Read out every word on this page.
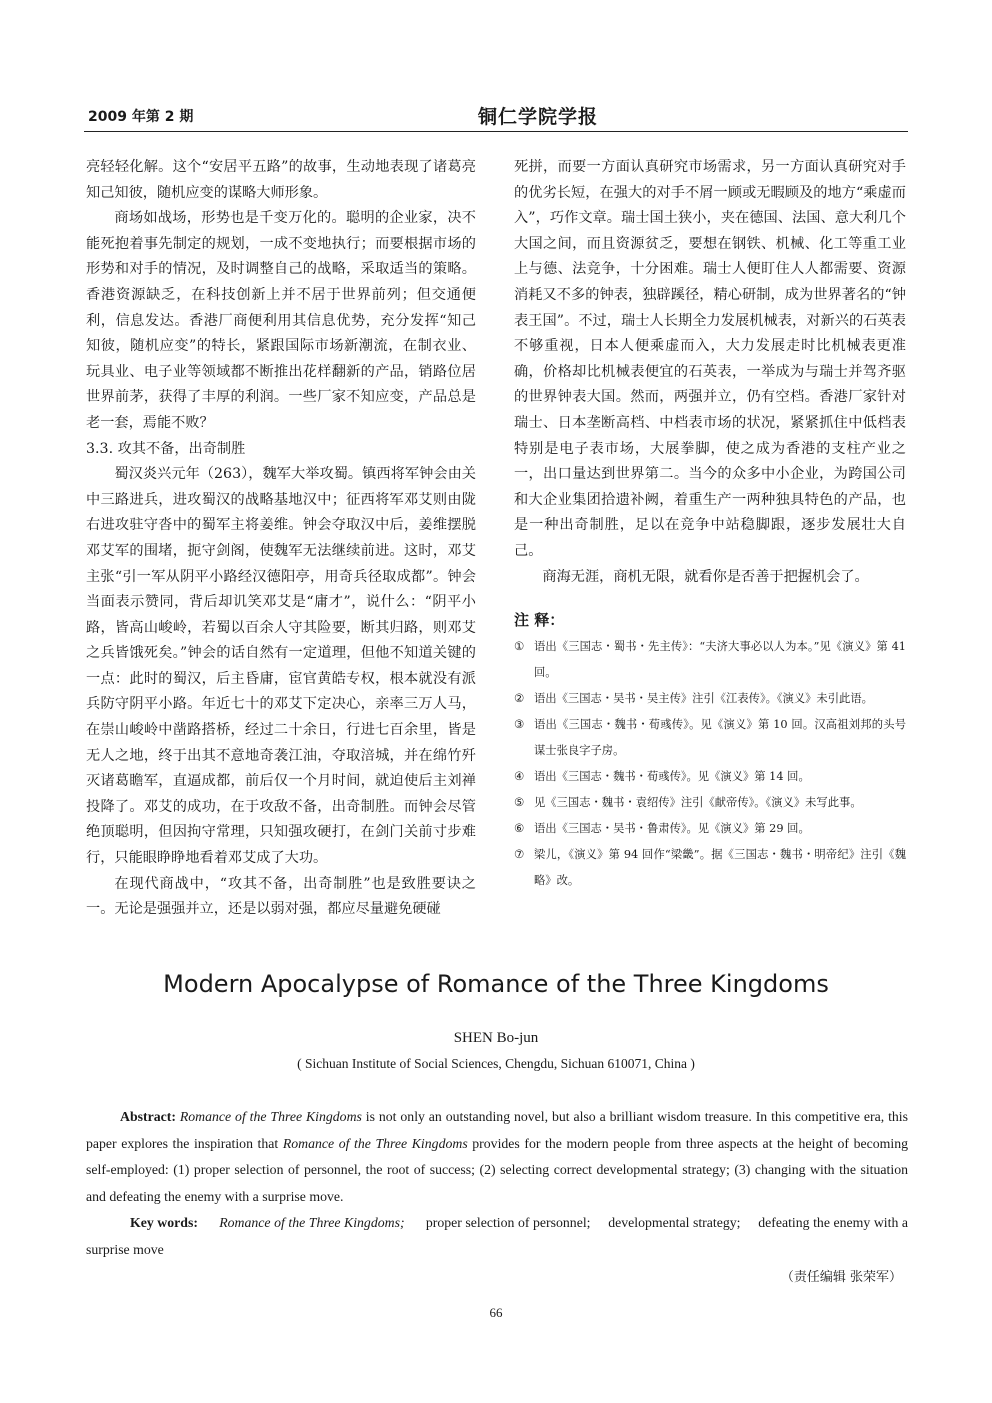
2009 年第 2 期	铜仁学院学报

亮轻轻化解。这个“安居平五路”的故事，生动地表现了诸葛亮知己知彼，随机应变的谋略大师形象。

商场如战场，形势也是千变万化的。聪明的企业家，决不能死抱着事先制定的规划，一成不变地执行；而要根据市场的形势和对手的情况，及时调整自己的战略，采取适当的策略。香港资源缺乏，在科技创新上并不居于世界前列；但交通便利，信息发达。香港厂商便利用其信息优势，充分发挥“知己知彼，随机应变”的特长，紧跟国际市场新潮流，在制衣业、玩具业、电子业等领域都不断推出花样翻新的产品，销路位居世界前茅，获得了丰厚的利润。一些厂家不知应变，产品总是老一套，焉能不败？

3.3. 攻其不备，出奇制胜

蜀汉炎兴元年（263），魏军大举攻蜀。镇西将军钟会由关中三路进兵，进攻蜀汉的战略基地汉中；征西将军邓艾则由陇右进攻驻守沓中的蜀军主将姜维。钟会夺取汉中后，姜维摆脱邓艾军的围堵，扼守剑阁，使魏军无法继续前进。这时，邓艾主张“引一军从阴平小路经汉德阳亭，用奇兵径取成都”。钟会当面表示赞同，背后却讥笑邓艾是“庸才”，说什么：“阴平小路，皆高山峻岭，若蜀以百余人守其险要，断其归路，则邓艾之兵皆饿死矣。”钟会的话自然有一定道理，但他不知道关键的一点：此时的蜀汉，后主昏庸，宦官黄皓专权，根本就没有派兵防守阴平小路。年近七十的邓艾下定决心，亲率三万人马，在崇山峻岭中凿路搭桥，经过二十余日，行进七百余里，皆是无人之地，终于出其不意地奇袭江油，夺取涪城，并在绵竹歼灭诸葛瞻军，直逼成都，前后仅一个月时间，就迫使后主刘禅投降了。邓艾的成功，在于攻敌不备，出奇制胜。而钟会尽管绝顶聪明，但因拘守常理，只知强攻硬打，在剑门关前寸步难行，只能眼睁睁地看着邓艾成了大功。

在现代商战中，“攻其不备，出奇制胜”也是致胜要诀之一。无论是强强并立，还是以弱对强，都应尽量避免硬碰

死拼，而要一方面认真研究市场需求，另一方面认真研究对手的优劣长短，在强大的对手不屑一顾或无暇顾及的地方“乘虚而入”，巧作文章。瑞士国土狭小，夹在德国、法国、意大利几个大国之间，而且资源贫乏，要想在钢铁、机械、化工等重工业上与德、法竞争，十分困难。瑞士人便盯住人人都需要、资源消耗又不多的钟表，独辟蹊径，精心研制，成为世界著名的“钟表王国”。不过，瑞士人长期全力发展机械表，对新兴的石英表不够重视，日本人便乘虚而入，大力发展走时比机械表更准确，价格却比机械表便宜的石英表，一举成为与瑞士并驾齐驱的世界钟表大国。然而，两强并立，仍有空档。香港厂家针对瑞士、日本垄断高档、中档表市场的状况，紧紧抓住中低档表特别是电子表市场，大展拳脚，使之成为香港的支柱产业之一，出口量达到世界第二。当今的众多中小企业，为跨国公司和大企业集团拾遗补阙，着重生产一两种独具特色的产品，也是一种出奇制胜，足以在竞争中站稳脚跟，逐步发展壮大自己。

商海无涯，商机无限，就看你是否善于把握机会了。

注 释：
① 语出《三国志・蜀书・先主传》：“夫济大事必以人为本。”见《演义》第 41 回。
② 语出《三国志・吴书・吴主传》注引《江表传》。《演义》未引此语。
③ 语出《三国志・魏书・荀彧传》。见《演义》第 10 回。汉高祖刘邦的头号谋士张良字子房。
④ 语出《三国志・魏书・荀彧传》。见《演义》第 14 回。
⑤ 见《三国志・魏书・袁绍传》注引《献帝传》。《演义》未写此事。
⑥ 语出《三国志・吴书・鲁肃传》。见《演义》第 29 回。
⑦ 梁儿，《演义》第 94 回作“梁畿”。据《三国志・魏书・明帝纪》注引《魏略》改。
Modern Apocalypse of Romance of the Three Kingdoms
SHEN Bo-jun
( Sichuan Institute of Social Sciences, Chengdu, Sichuan 610071, China )

Abstract: Romance of the Three Kingdoms is not only an outstanding novel, but also a brilliant wisdom treasure. In this competitive era, this paper explores the inspiration that Romance of the Three Kingdoms provides for the modern people from three aspects at the height of becoming self-employed: (1) proper selection of personnel, the root of success; (2) selecting correct developmental strategy; (3) changing with the situation and defeating the enemy with a surprise move.

Key words: Romance of the Three Kingdoms; proper selection of personnel;     developmental strategy;     defeating the enemy with a surprise move

（责任编辑 张荣军）
66
